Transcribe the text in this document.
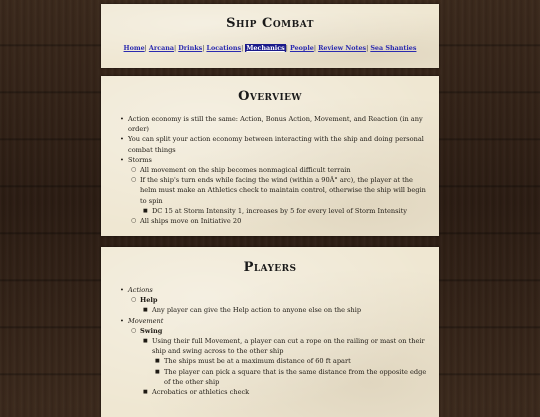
Ship Combat
Home| Arcana| Drinks| Locations| Mechanics| People| Review Notes| Sea Shanties
Overview
• Action economy is still the same: Action, Bonus Action, Movement, and Reaction (in any order)
• You can split your action economy between interacting with the ship and doing personal combat things
• Storms
○ All movement on the ship becomes nonmagical difficult terrain
○ If the ship's turn ends while facing the wind (within a 90Â° arc), the player at the helm must make an Athletics check to maintain control, otherwise the ship will begin to spin
■ DC 15 at Storm Intensity 1, increases by 5 for every level of Storm Intensity
○ All ships move on Initiative 20
Players
• Actions
○ Help
■ Any player can give the Help action to anyone else on the ship
• Movement
○ Swing
■ Using their full Movement, a player can cut a rope on the railing or mast on their ship and swing across to the other ship
■ The ships must be at a maximum distance of 60 ft apart
■ The player can pick a square that is the same distance from the opposite edge of the other ship
■ Acrobatics or athletics check
